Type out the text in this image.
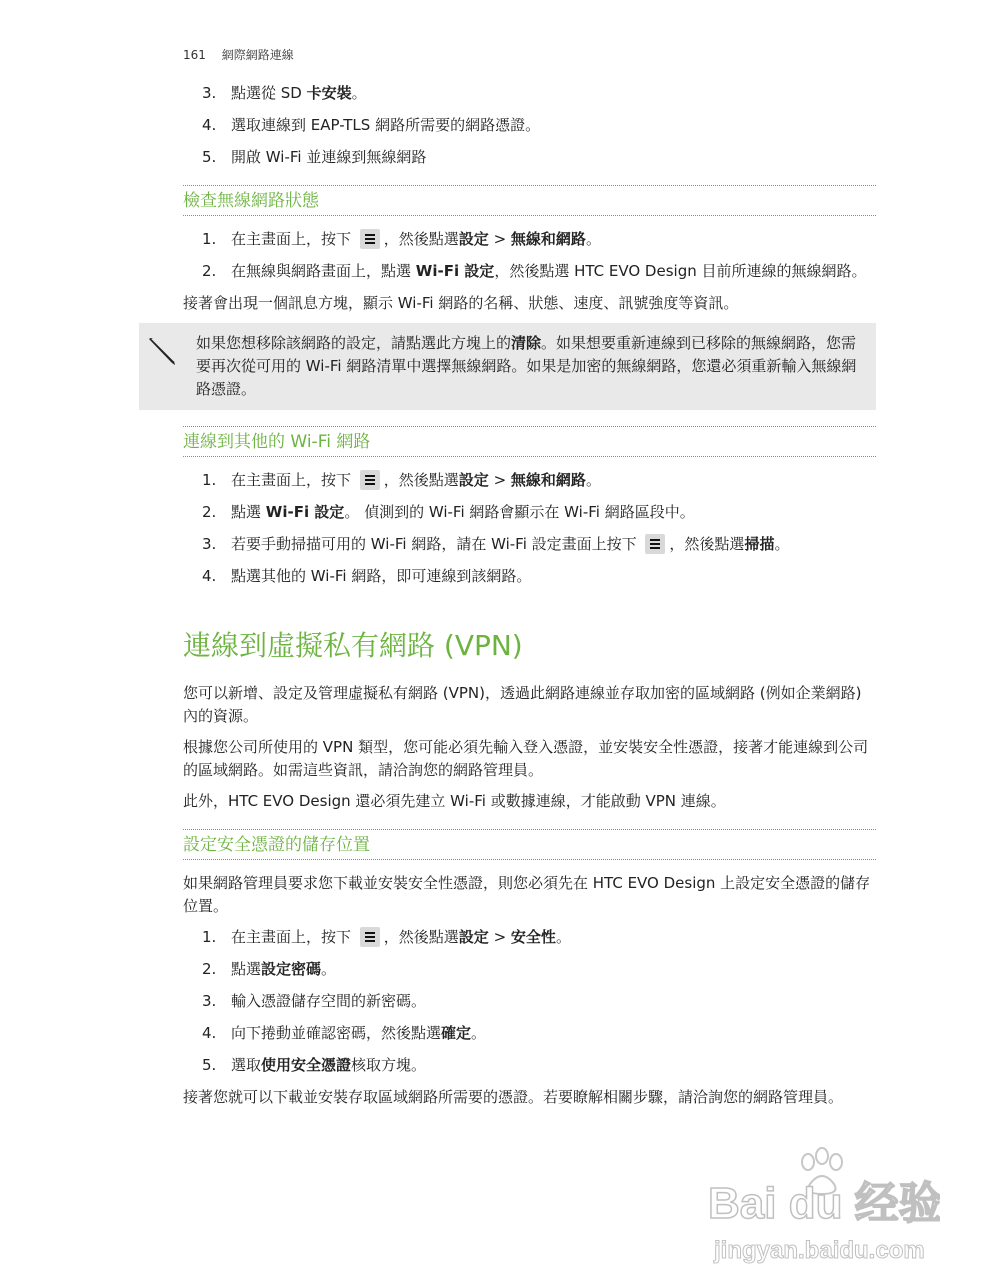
161 網際網路連線
3. 點選從 SD 卡安裝。
4. 選取連線到 EAP-TLS 網路所需要的網路憑證。
5. 開啟 Wi-Fi 並連線到無線網路
檢查無線網路狀態
1. 在主畫面上，按下 ，然後點選設定 > 無線和網路。
2. 在無線與網路畫面上，點選 Wi-Fi 設定，然後點選 HTC EVO Design 目前所連線的無線網路。

接著會出現一個訊息方塊，顯示 Wi-Fi 網路的名稱、狀態、速度、訊號強度等資訊。

如果您想移除該網路的設定，請點選此方塊上的清除。如果想要重新連線到已移除的無線網路，您需要再次從可用的 Wi-Fi 網路清單中選擇無線網路。如果是加密的無線網路，您還必須重新輸入無線網路憑證。
連線到其他的 Wi-Fi 網路
1. 在主畫面上，按下 ，然後點選設定 > 無線和網路。
2. 點選 Wi-Fi 設定。 偵測到的 Wi-Fi 網路會顯示在 Wi-Fi 網路區段中。
3. 若要手動掃描可用的 Wi-Fi 網路，請在 Wi-Fi 設定畫面上按下 ，然後點選掃描。
4. 點選其他的 Wi-Fi 網路，即可連線到該網路。
連線到虛擬私有網路 (VPN)

您可以新增、設定及管理虛擬私有網路 (VPN)，透過此網路連線並存取加密的區域網路 (例如企業網路) 內的資源。

根據您公司所使用的 VPN 類型，您可能必須先輸入登入憑證，並安裝安全性憑證，接著才能連線到公司的區域網路。如需這些資訊，請洽詢您的網路管理員。

此外，HTC EVO Design 還必須先建立 Wi-Fi 或數據連線，才能啟動 VPN 連線。

設定安全憑證的儲存位置

如果網路管理員要求您下載並安裝安全性憑證，則您必須先在 HTC EVO Design 上設定安全憑證的儲存位置。

1. 在主畫面上，按下 ，然後點選設定 > 安全性。
2. 點選設定密碼。
3. 輸入憑證儲存空間的新密碼。
4. 向下捲動並確認密碼，然後點選確定。
5. 選取使用安全憑證核取方塊。

接著您就可以下載並安裝存取區域網路所需要的憑證。若要瞭解相關步驟，請洽詢您的網路管理員。

Bai du 经验
jingyan.baidu.com
